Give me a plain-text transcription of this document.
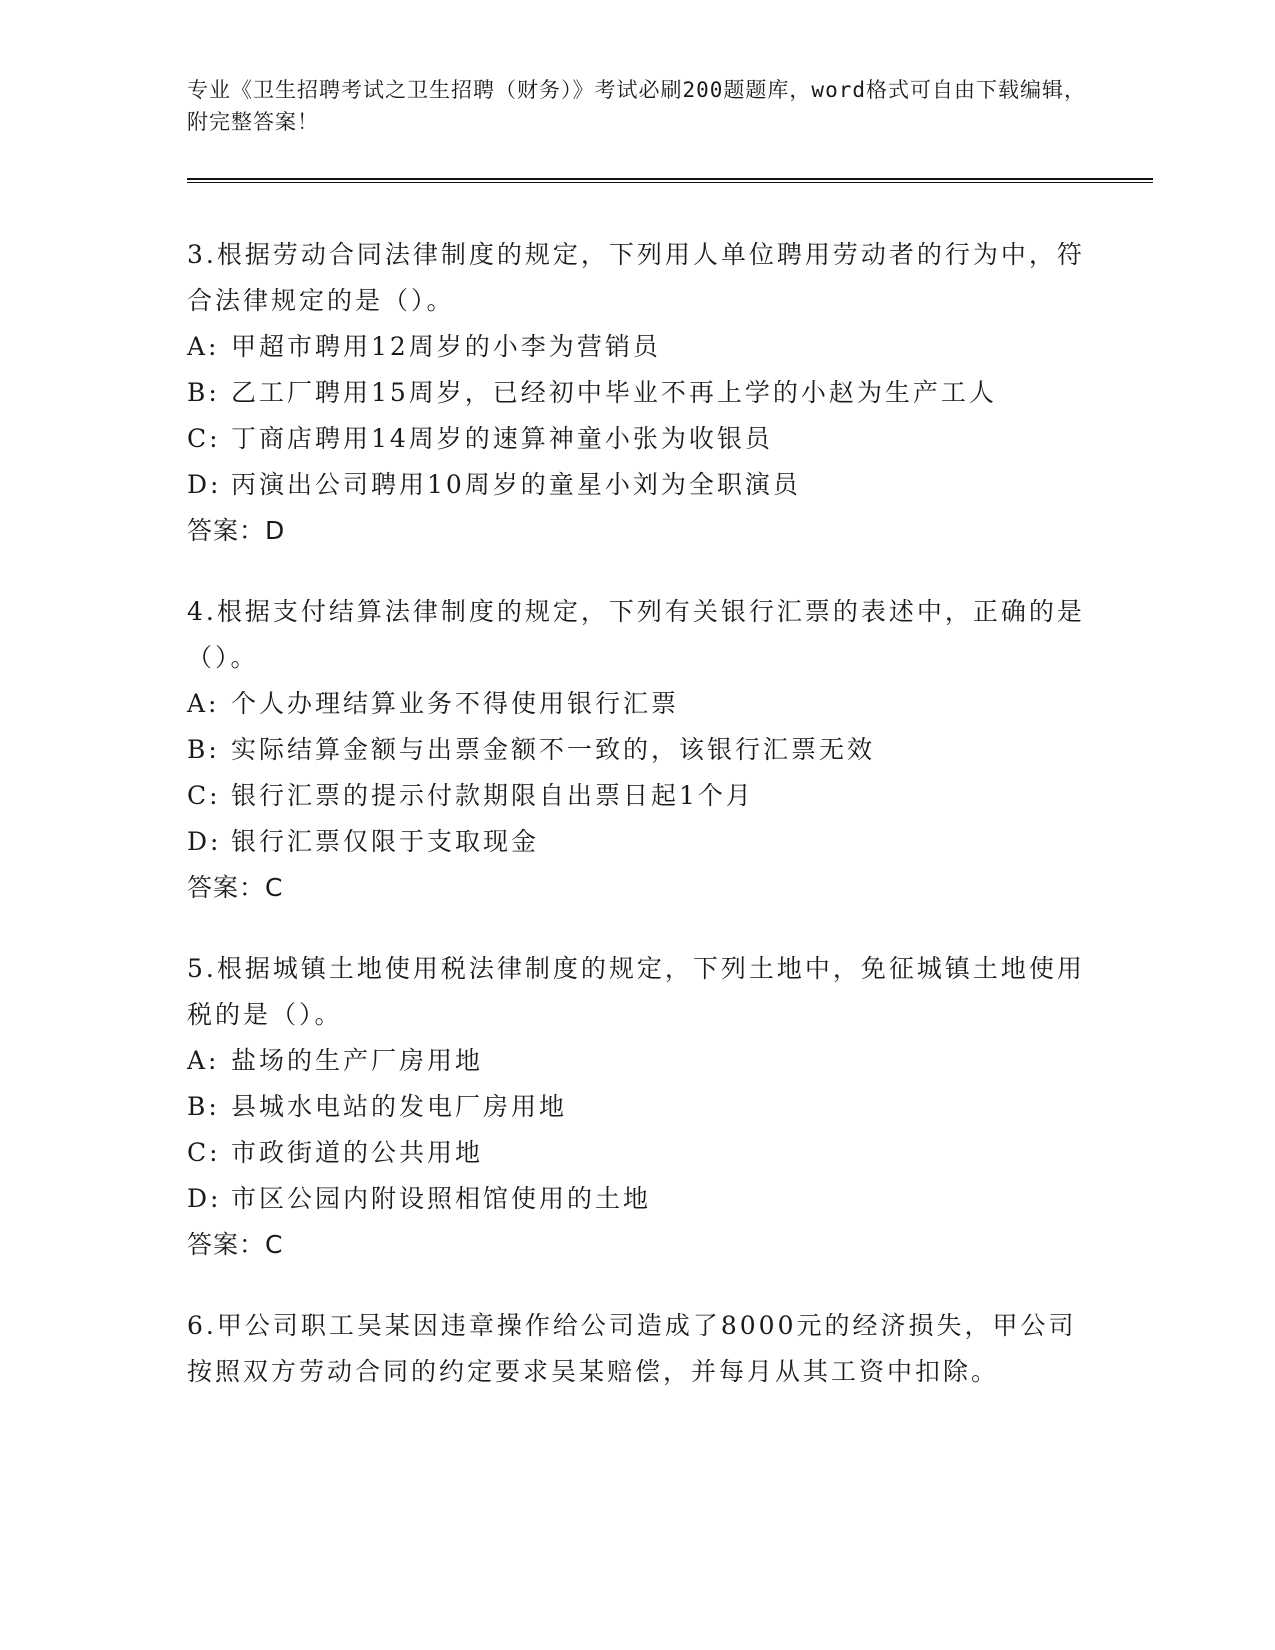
专业《卫生招聘考试之卫生招聘（财务）》考试必刷200题题库，word格式可自由下载编辑，附完整答案！

3.根据劳动合同法律制度的规定，下列用人单位聘用劳动者的行为中，符合法律规定的是（）。

A: 甲超市聘用12周岁的小李为营销员

B: 乙工厂聘用15周岁，已经初中毕业不再上学的小赵为生产工人

C: 丁商店聘用14周岁的速算神童小张为收银员

D: 丙演出公司聘用10周岁的童星小刘为全职演员

答案：D

4.根据支付结算法律制度的规定，下列有关银行汇票的表述中，正确的是（）。

A: 个人办理结算业务不得使用银行汇票

B: 实际结算金额与出票金额不一致的，该银行汇票无效

C: 银行汇票的提示付款期限自出票日起1个月

D: 银行汇票仅限于支取现金

答案：C

5.根据城镇土地使用税法律制度的规定，下列土地中，免征城镇土地使用税的是（）。

A: 盐场的生产厂房用地

B: 县城水电站的发电厂房用地

C: 市政街道的公共用地

D: 市区公园内附设照相馆使用的土地

答案：C

6.甲公司职工吴某因违章操作给公司造成了8000元的经济损失，甲公司按照双方劳动合同的约定要求吴某赔偿，并每月从其工资中扣除。
